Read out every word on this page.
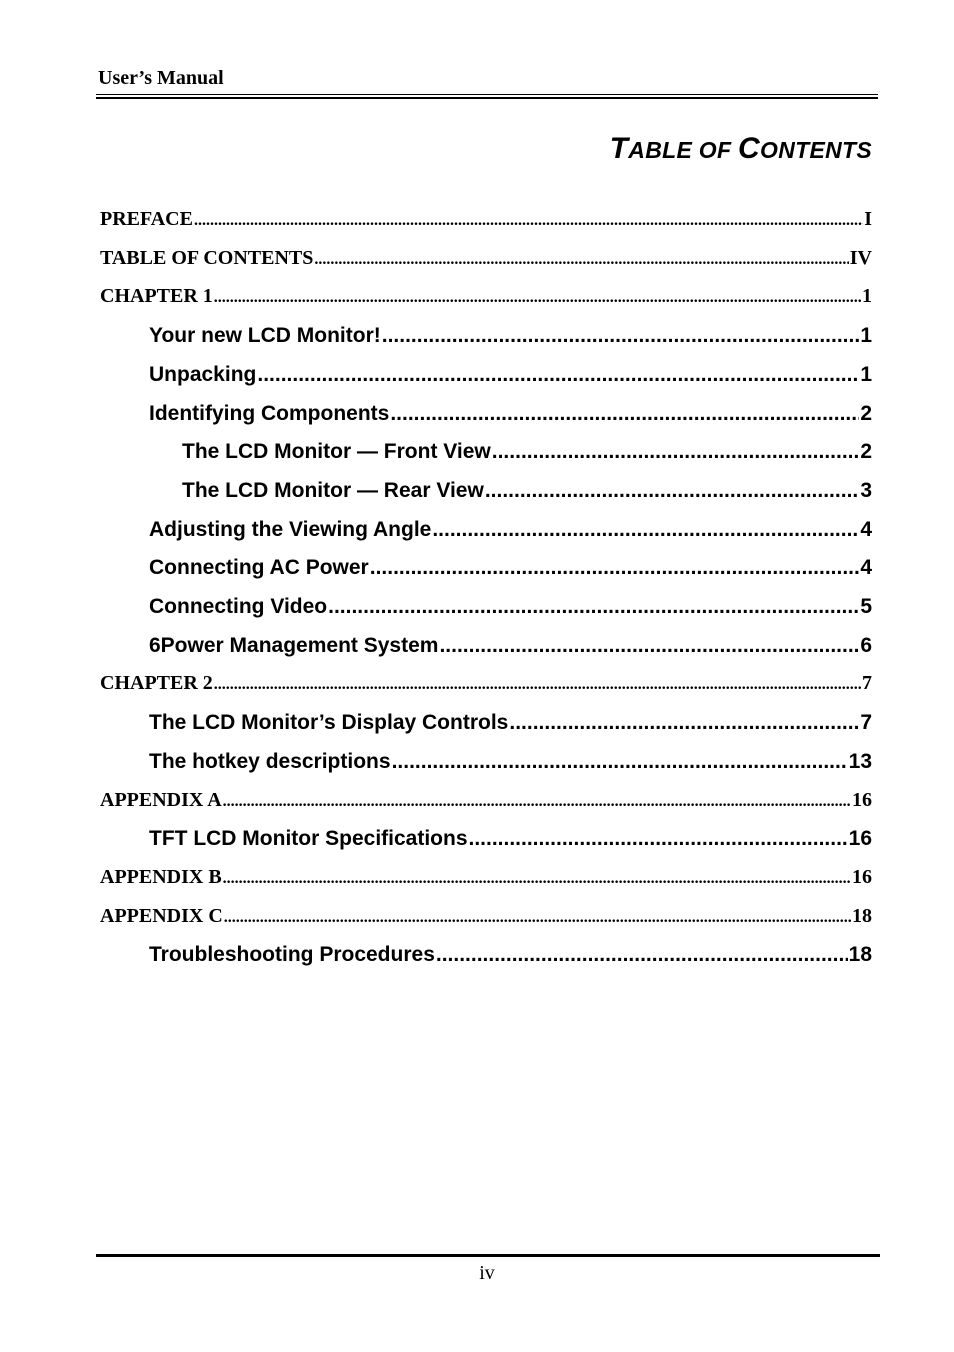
User’s Manual
TABLE OF CONTENTS
PREFACE .....	I
TABLE OF CONTENTS .....	IV
CHAPTER 1 .....	1
Your new LCD Monitor! .....	1
Unpacking .....	1
Identifying Components .....	2
The LCD Monitor — Front View .....	2
The LCD Monitor — Rear View .....	3
Adjusting the Viewing Angle .....	4
Connecting AC Power .....	4
Connecting Video .....	5
6Power Management System .....	6
CHAPTER 2 .....	7
The LCD Monitor’s Display Controls .....	7
The hotkey descriptions .....	13
APPENDIX A .....	16
TFT LCD Monitor Specifications .....	16
APPENDIX B .....	16
APPENDIX C .....	18
Troubleshooting Procedures .....	18
iv
